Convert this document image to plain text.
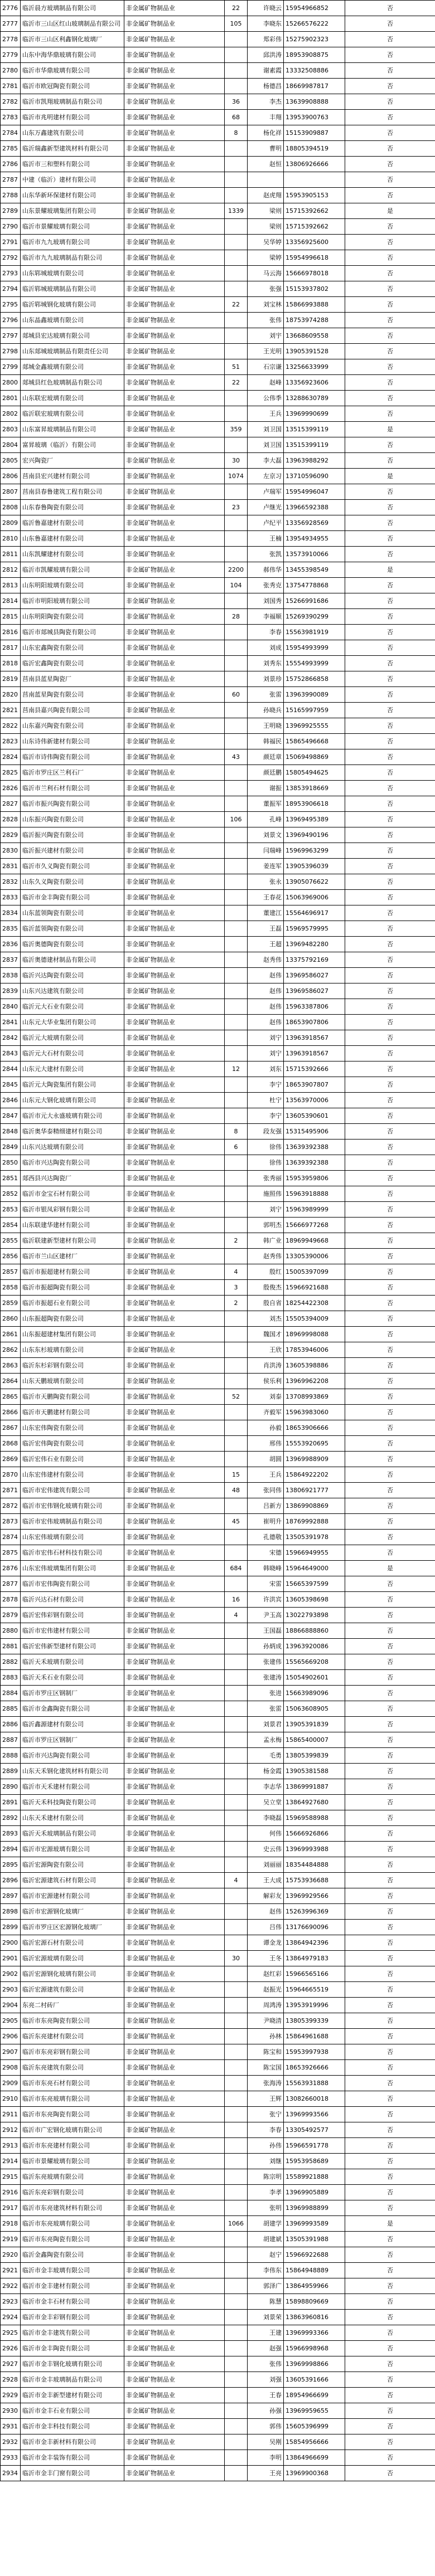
2776	临沂晨方玻璃制品有限公司	非金属矿物制品业	22	许晓云	15954966852	否
2777	临沂市三山区红山玻璃制品有限公司	非金属矿物制品业	105	李晓东	15266576222	否
2778	临沂市三山区利鑫钢化玻璃厂	非金属矿物制品业		郑彩伟	15275902323	否
2779	山东中海华鼎玻璃有限公司	非金属矿物制品业		邱洪涛	18953908875	否
2780	临沂市华鼎玻璃有限公司	非金属矿物制品业		谢素霞	13332508886	否
2781	临沂市欧冠陶瓷有限公司	非金属矿物制品业		杨德昌	18669987817	否
2782	临沂市凯翔玻璃制品有限公司	非金属矿物制品业	36	李杰	13639908888	否
2783	临沂市兆明建材有限公司	非金属矿物制品业	68	丰翔	13953900763	否
2784	山东万鑫建筑有限公司	非金属矿物制品业	8	杨化祥	15153909887	否
2785	临沂瑞鑫新型建筑材料有限公司	非金属矿物制品业		曹明	18805394519	否
2786	临沂市三和塑料有限公司	非金属矿物制品业		赵恒	13806926666	否
2787	中建（临沂）建材有限公司	非金属矿物制品业				否
2788	山东华新环保建材有限公司	非金属矿物制品业		赵虎翔	15953905153	否
2789	山东景耀玻璃集团有限公司	非金属矿物制品业	1339	梁则	15715392662	是
2790	临沂市景耀玻璃有限公司	非金属矿物制品业		梁则	15715392662	否
2791	临沂市九九玻璃有限公司	非金属矿物制品业		吴华婷	13356925600	否
2792	临沂市九九玻璃制品有限公司	非金属矿物制品业		梁婷	15954996618	否
2793	山东郓城玻璃有限公司	非金属矿物制品业		马云海	15666978018	否
2794	临沂郓城玻璃制品有限公司	非金属矿物制品业		张强	15153937802	否
2795	临沂郓城钢化玻璃有限公司	非金属矿物制品业	22	刘宝林	15866993888	否
2796	山东晶鑫玻璃有限公司	非金属矿物制品业		张伟	18753974288	否
2797	郯城县宏达玻璃有限公司	非金属矿物制品业		刘宇	13668609558	否
2798	山东郯城玻璃制品有限责任公司	非金属矿物制品业		王光明	13905391528	否
2799	郯城金鑫玻璃有限公司	非金属矿物制品业	51	石宗谦	13256633999	否
2800	郯城县红色玻璃制品有限公司	非金属矿物制品业	22	赵峰	13356923606	否
2801	山东联宏玻璃有限公司	非金属矿物制品业		公伟季	13288630789	否
2802	临沂联宏玻璃有限公司	非金属矿物制品业		王兵	13969990699	否
2803	山东富昇玻璃制品有限公司	非金属矿物制品业	359	刘卫国	13515399119	是
2804	富昇玻璃（临沂）有限公司	非金属矿物制品业		刘卫国	13515399119	否
2805	宏兴陶瓷厂	非金属矿物制品业	30	李大磊	13963988292	否
2806	莒南县宏兴建材有限公司	非金属矿物制品业	1074	左京习	13710596090	是
2807	莒南县春鲁建筑工程有限公司	非金属矿物制品业		卢瑞军	15954996047	否
2808	山东春鲁陶瓷有限公司	非金属矿物制品业	23	卢继光	13966592388	否
2809	临沂鲁嘉建材有限公司	非金属矿物制品业		卢纪平	13356928569	否
2810	山东鲁嘉建材有限公司	非金属矿物制品业		王楠	13954934955	否
2811	山东凯耀建材有限公司	非金属矿物制品业		张凯	13573910066	否
2812	临沂市凯耀玻璃有限公司	非金属矿物制品业	2200	郝伟华	13455398549	是
2813	山东明阳玻璃有限公司	非金属矿物制品业	104	张秀克	13754778868	否
2814	临沂市明阳玻璃有限公司	非金属矿物制品业		刘国秀	15266991686	否
2815	山东明阳陶瓷有限公司	非金属矿物制品业	28	李福顺	15269390299	否
2816	临沂市郯城县陶瓷有限公司	非金属矿物制品业		李春	15563981919	否
2817	山东宏鑫陶瓷有限公司	非金属矿物制品业		刘成	15954993999	否
2818	临沂宏鑫陶瓷有限公司	非金属矿物制品业		刘秀东	15554993999	否
2819	莒南县蓝星陶瓷厂	非金属矿物制品业		刘景珍	15752866858	否
2820	莒南蓝星陶瓷有限公司	非金属矿物制品业	60	张雷	13963990089	否
2821	莒南县嘉兴陶瓷有限公司	非金属矿物制品业		孙晓兵	15165997959	否
2822	山东嘉兴陶瓷有限公司	非金属矿物制品业		王明晓	13969925555	否
2823	山东诗伟新建材有限公司	非金属矿物制品业		韩福民	15865496668	否
2824	临沂市诗伟陶瓷有限公司	非金属矿物制品业	43	颜廷章	15069498869	否
2825	临沂市罗庄区兰利石厂	非金属矿物制品业		颜廷鹏	15805494625	否
2826	临沂市兰利石材有限公司	非金属矿物制品业		谢振	13853918669	否
2827	临沂市振兴陶瓷有限公司	非金属矿物制品业		董振军	18953906618	否
2828	山东振兴陶瓷有限公司	非金属矿物制品业	106	孔峰	13969495389	否
2829	临沂振兴陶瓷有限公司	非金属矿物制品业		刘景文	13969490196	否
2830	临沂振兴建材有限公司	非金属矿物制品业		闫瑞峰	15969963299	否
2831	临沂市久义陶瓷有限公司	非金属矿物制品业		姜连军	13905396039	否
2832	山东久义陶瓷有限公司	非金属矿物制品业		张永	13905076622	否
2833	临沂市金丰陶瓷有限公司	非金属矿物制品业		王春花	15063969006	否
2834	山东蓝领陶瓷有限公司	非金属矿物制品业		董建江	15564696917	否
2835	临沂蓝领陶瓷有限公司	非金属矿物制品业		王磊	15969579995	否
2836	临沂奥德陶瓷有限公司	非金属矿物制品业		王超	13969482280	否
2837	临沂奥德建材制品有限公司	非金属矿物制品业		赵秀伟	13375792169	否
2838	临沂兴达陶瓷有限公司	非金属矿物制品业		赵伟	13969586027	否
2839	山东兴达建筑有限公司	非金属矿物制品业		赵伟	13969586027	否
2840	临沂元大石业有限公司	非金属矿物制品业		赵伟	15963387806	否
2841	山东元大华业集团有限公司	非金属矿物制品业		赵伟	18653907806	否
2842	临沂元大玻璃有限公司	非金属矿物制品业		刘宁	13963918567	否
2843	临沂元大石材有限公司	非金属矿物制品业		刘宁	13963918567	否
2844	山东元大建材有限公司	非金属矿物制品业	12	刘东	15715392666	否
2845	临沂元大陶瓷集团有限公司	非金属矿物制品业		李宁	18653907807	否
2846	山东元大钢化玻璃有限公司	非金属矿物制品业		杜宁	13563970006	否
2847	临沂市元大永盛玻璃有限公司	非金属矿物制品业		李宁	13605390601	否
2848	临沂奥华泰精细建材有限公司	非金属矿物制品业	8	段友强	15315495906	否
2849	山东兴达玻璃有限公司	非金属矿物制品业	6	徐伟	13639392388	否
2850	临沂市兴达陶瓷有限公司	非金属矿物制品业		徐伟	13639392388	否
2851	郯西县兴达陶瓷厂	非金属矿物制品业		张秀丽	15953959806	否
2852	临沂市金宝石材有限公司	非金属矿物制品业		施照伟	15963918888	否
2853	临沂市银凤彩钢有限公司	非金属矿物制品业		刘宁	15963989999	否
2854	山东联建华建材有限公司	非金属矿物制品业		郭明杰	15666977268	否
2855	临沂联建新型建材有限公司	非金属矿物制品业	2	韩广业	18969949668	否
2856	临沂市兰山区建材厂	非金属矿物制品业		赵秀伟	13305390006	否
2857	临沂市振超建材有限公司	非金属矿物制品业	4	殷红	15005397099	否
2858	临沂市振超陶瓷有限公司	非金属矿物制品业	3	殷俊杰	15966921688	否
2859	临沂市振超石业有限公司	非金属矿物制品业	2	殷自省	18254422308	否
2860	山东振超陶瓷有限公司	非金属矿物制品业		刘杰	15505394009	否
2861	山东振超建材集团有限公司	非金属矿物制品业		魏国才	18969998088	否
2862	山东东杉玻璃有限公司	非金属矿物制品业		王欣	17853946006	否
2863	临沂东杉彩钢有限公司	非金属矿物制品业		肖洪涛	13605398886	否
2864	山东天鹏玻璃有限公司	非金属矿物制品业		侯乐利	13969962208	否
2865	临沂市天鹏陶瓷有限公司	非金属矿物制品业	52	刘泰	13708993869	否
2866	临沂市天鹏建材有限公司	非金属矿物制品业		齐毅军	15963983060	否
2867	山东宏伟陶瓷有限公司	非金属矿物制品业		孙毅	18653906666	否
2868	临沂宏伟陶瓷有限公司	非金属矿物制品业		邢伟	15553920695	否
2869	临沂宏伟石业有限公司	非金属矿物制品业		胡圆	13969988909	否
2870	山东宏伟建材有限公司	非金属矿物制品业	15	王兵	15864922202	否
2871	临沂市宏伟建筑有限公司	非金属矿物制品业	48	张同伟	13806921777	否
2872	临沂市宏伟钢化玻璃有限公司	非金属矿物制品业		吕新方	13869908869	否
2873	临沂市宏伟玻璃制品有限公司	非金属矿物制品业	45	崔明升	18769992888	否
2874	山东宏伟玻璃有限公司	非金属矿物制品业		孔德敬	13505391978	否
2875	临沂市宏伟石材科技有限公司	非金属矿物制品业		宋德	15966949955	否
2876	山东宏伟玻璃集团有限公司	非金属矿物制品业	684	韩晓峰	15964649000	是
2877	临沂市宏伟陶瓷有限公司	非金属矿物制品业		宋雷	15665397599	否
2878	临沂兴达石材有限公司	非金属矿物制品业	16	许洪宾	13605398698	否
2879	临沂宏伟彩钢有限公司	非金属矿物制品业	4	尹玉高	13022793898	否
2880	临沂市宏伟建材有限公司	非金属矿物制品业		王国磊	18866888860	否
2881	临沂宏伟新型建材有限公司	非金属矿物制品业		孙炳成	13963920086	否
2882	临沂天禾玻璃有限公司	非金属矿物制品业		张建伟	15565669208	否
2883	临沂天禾石业有限公司	非金属矿物制品业		张建涛	15054902601	否
2884	临沂市罗庄区钢制厂	非金属矿物制品业		张进	15663989096	否
2885	临沂市金鑫陶瓷有限公司	非金属矿物制品业		张雷	15063608905	否
2886	临沂鑫源建材有限公司	非金属矿物制品业		刘景君	13905391839	否
2887	临沂市罗庄区钢制厂	非金属矿物制品业		孟永梅	15865400007	否
2888	临沂市兴达陶瓷有限公司	非金属矿物制品业		毛勇	13805399839	否
2889	山东天禾钢化建筑材料有限公司	非金属矿物制品业		杨金霞	13905381588	否
2890	临沂市天禾建材有限公司	非金属矿物制品业		李志华	13869991887	否
2891	临沂天禾科技陶瓷有限公司	非金属矿物制品业		吴立堂	13864927680	否
2892	山东天禾建材有限公司	非金属矿物制品业		李晓磊	15969588988	否
2893	临沂天禾玻璃制品有限公司	非金属矿物制品业		何伟	15666926866	否
2894	临沂市宏源玻璃有限公司	非金属矿物制品业		史云伟	13969993988	否
2895	临沂宏源陶瓷有限公司	非金属矿物制品业		刘丽丽	18354484888	否
2896	临沂宏源建筑石材有限公司	非金属矿物制品业	4	王大成	15753936688	否
2897	临沂市宏源建材有限公司	非金属矿物制品业		解彩友	13969929566	否
2898	临沂市宏源钢化玻璃厂	非金属矿物制品业		赵伟	15263996369	否
2899	临沂市罗庄区宏源钢化玻璃厂	非金属矿物制品业		吕伟	13176690096	否
2900	临沂宏源石材有限公司	非金属矿物制品业		谭金龙	13864942396	否
2901	临沂宏源玻璃有限公司	非金属矿物制品业	30	王冬	13864979183	否
2902	临沂宏源钢化玻璃有限公司	非金属矿物制品业		赵红彩	15966565166	否
2903	临沂宏源建筑有限公司	非金属矿物制品业		赵振光	15964665519	否
2904	东亮二村砖厂	非金属矿物制品业		周鸿涛	13953919996	否
2905	临沂市东亮陶瓷有限公司	非金属矿物制品业		尹晓清	13805399339	否
2906	临沂东亮建材有限公司	非金属矿物制品业		孙林	15864961688	否
2907	临沂市东亮彩钢有限公司	非金属矿物制品业		陈宝和	15953997938	否
2908	临沂东亮建筑有限公司	非金属矿物制品业		陈宝国	18653926666	否
2909	临沂市东亮石材有限公司	非金属矿物制品业		张海涛	15563931888	否
2910	临沂市东亮玻璃有限公司	非金属矿物制品业		王辉	13082660018	否
2911	临沂市东亮陶瓷有限公司	非金属矿物制品业		张宁	13969993566	否
2912	临沂市广宏钢化玻璃有限公司	非金属矿物制品业		李春	13305492577	否
2913	临沂市东亮建材有限公司	非金属矿物制品业		孙伟	15966591778	否
2914	临沂市景耀玻璃有限公司	非金属矿物制品业		刘继	15953958689	否
2915	临沂东亮玻璃有限公司	非金属矿物制品业		陈宗明	15589921888	否
2916	临沂东亮彩钢有限公司	非金属矿物制品业		李孝	13969905889	否
2917	临沂市东亮建筑材料有限公司	非金属矿物制品业		张明	13969988899	否
2918	临沂市东亮玻璃有限公司	非金属矿物制品业	1066	胡建学	13969993589	是
2919	临沂市东亮陶瓷有限公司	非金属矿物制品业		胡建斌	13505391988	否
2920	临沂金鑫陶瓷有限公司	非金属矿物制品业		赵宁	15966922688	否
2921	临沂市金丰玻璃有限公司	非金属矿物制品业		李伟东	15864948889	否
2922	临沂市金丰建材有限公司	非金属矿物制品业		郭泽广	13864959966	否
2923	临沂市金丰石材有限公司	非金属矿物制品业		陈慧	15898809669	否
2924	临沂市金丰彩钢有限公司	非金属矿物制品业		刘景荣	13863960816	否
2925	临沂市金丰建筑有限公司	非金属矿物制品业		王建	13969993366	否
2926	临沂市金丰陶瓷有限公司	非金属矿物制品业		赵强	15966998968	否
2927	临沂市金丰钢化玻璃有限公司	非金属矿物制品业		张伟	13969998866	否
2928	临沂市金丰玻璃制品有限公司	非金属矿物制品业		刘强	13605391666	否
2929	临沂市金丰新型建材有限公司	非金属矿物制品业		王春	18954966699	否
2930	临沂市金丰石业有限公司	非金属矿物制品业		孙强	13969959655	否
2931	临沂市金丰科技有限公司	非金属矿物制品业		郭伟	15605396999	否
2932	临沂市金丰新材料有限公司	非金属矿物制品业		吴刚	15854956666	否
2933	临沂市金丰装饰有限公司	非金属矿物制品业		李明	13864966699	否
2934	临沂市金丰门窗有限公司	非金属矿物制品业		王亮	13969900368	否
